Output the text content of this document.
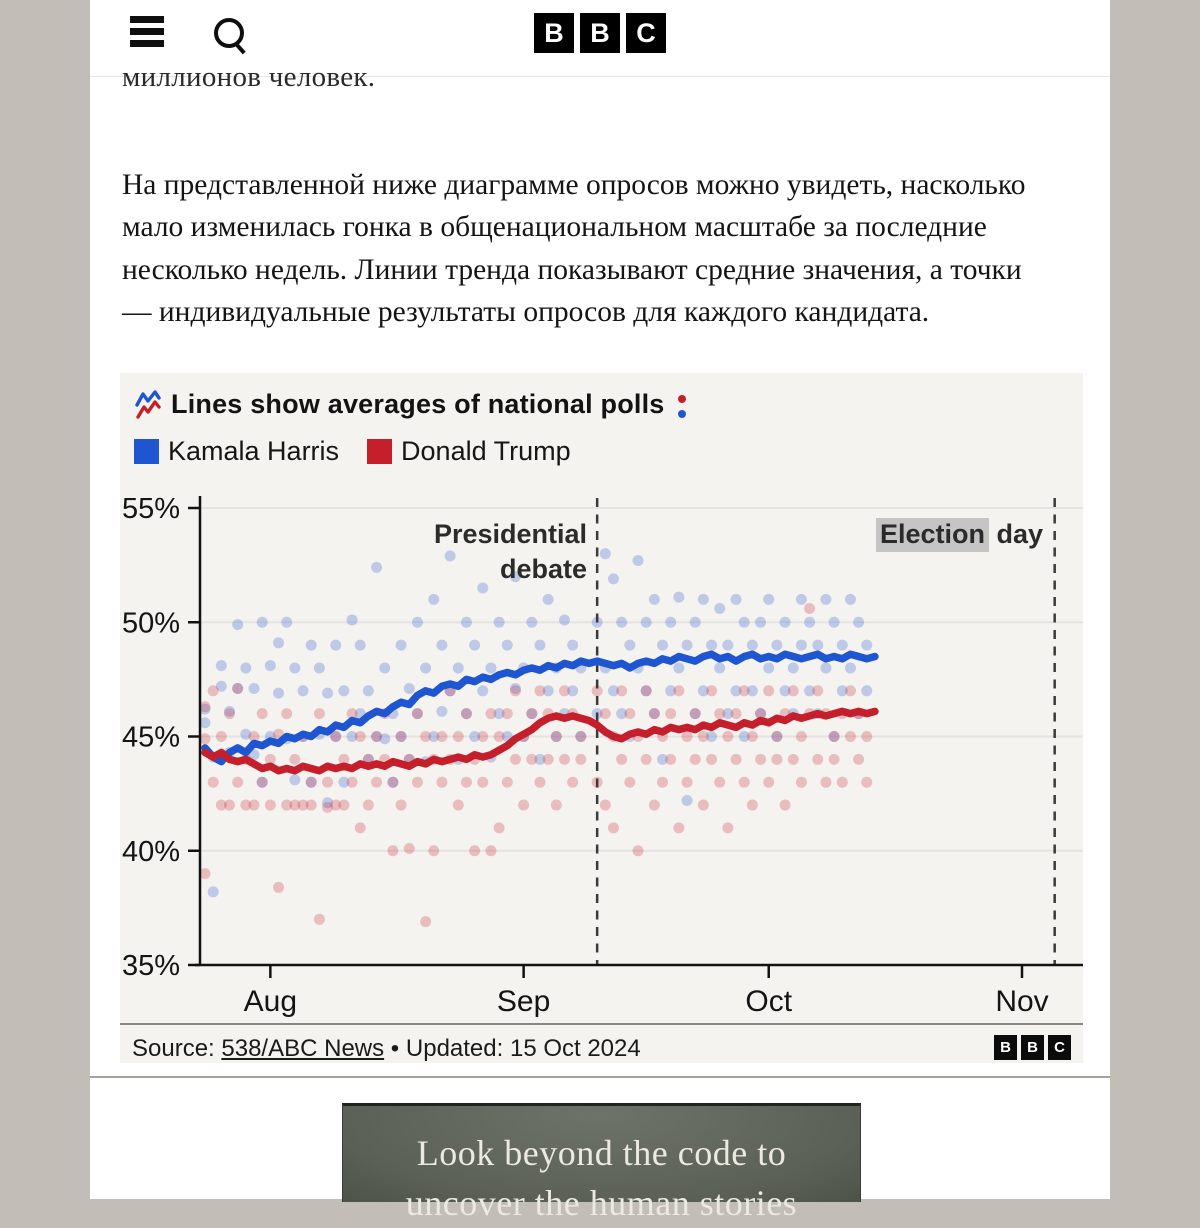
B B C
миллионов человек.

На представленной ниже диаграмме опросов можно увидеть, насколько мало изменилась гонка в общенациональном масштабе за последние несколько недель. Линии тренда показывают средние значения, а точки — индивидуальные результаты опросов для каждого кандидата.

Lines show averages of national polls
Kamala Harris Donald Trump
55%
50%
45%
40%
35%
Aug	Sep	Oct	Nov
Presidential
debate
Election day
Source: 538/ABC News • Updated: 15 Oct 2024	B	B	C
Look beyond the code to
uncover the human stories
